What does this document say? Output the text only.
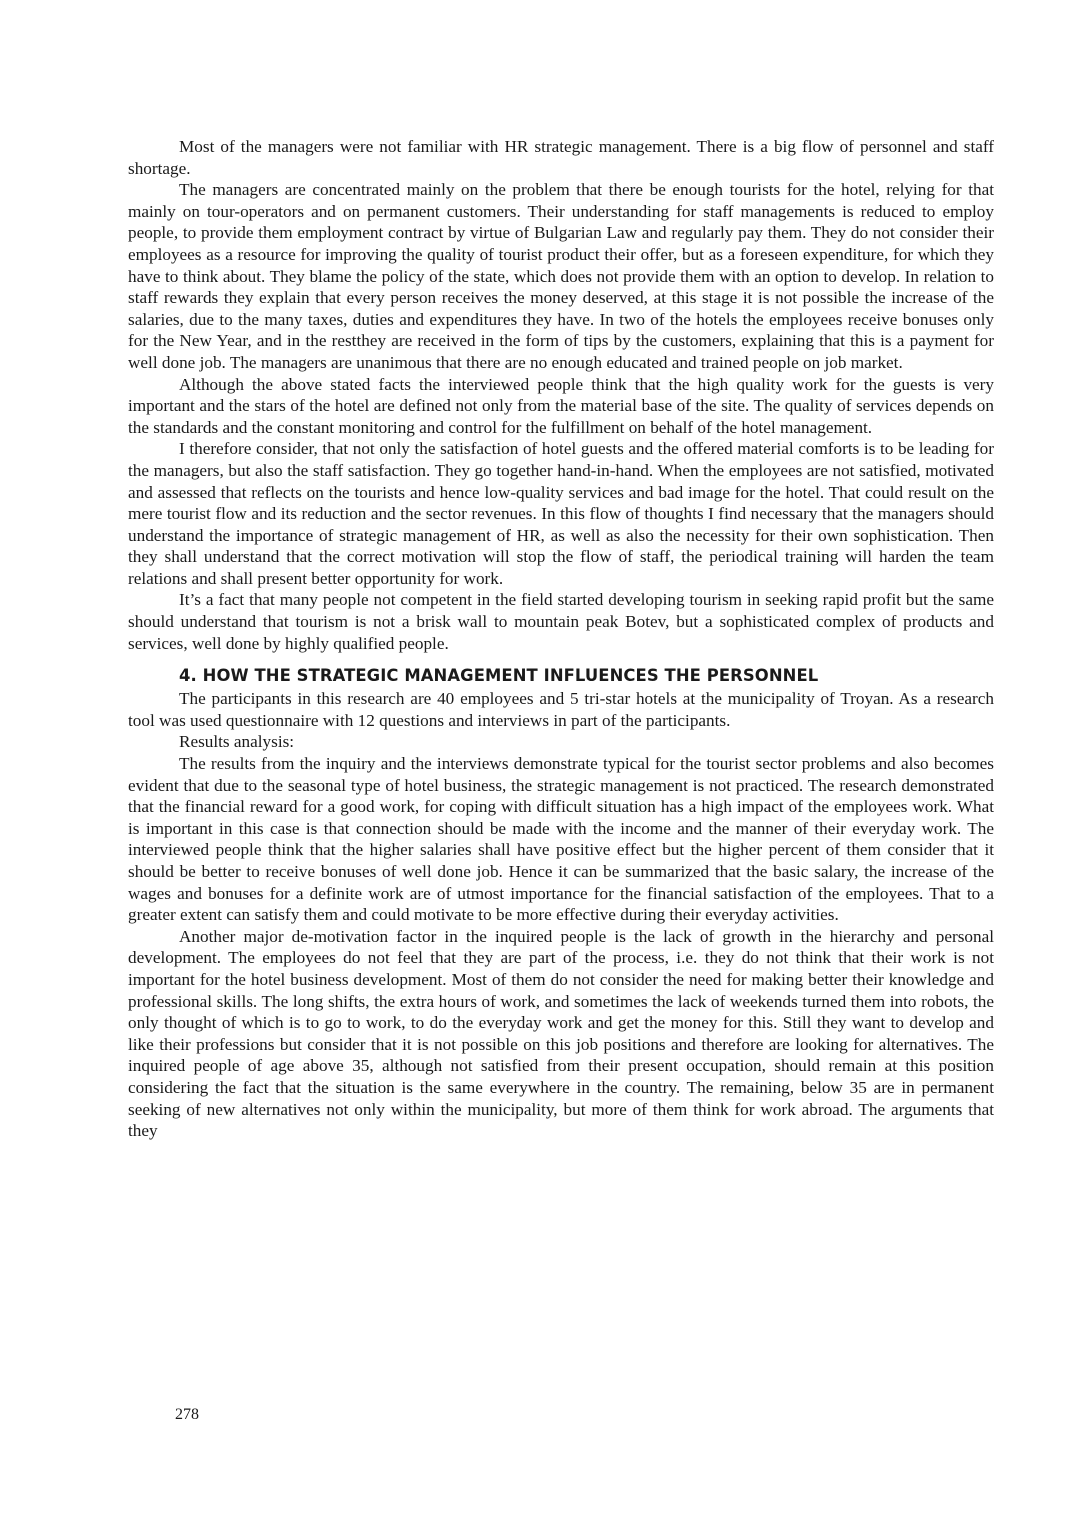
Most of the managers were not familiar with HR strategic management. There is a big flow of personnel and staff shortage.

The managers are concentrated mainly on the problem that there be enough tourists for the hotel, relying for that mainly on tour-operators and on permanent customers. Their understanding for staff managements is reduced to employ people, to provide them employment contract by virtue of Bulgarian Law and regularly pay them. They do not consider their employees as a resource for improving the quality of tourist product their offer, but as a foreseen expenditure, for which they have to think about. They blame the policy of the state, which does not provide them with an option to develop. In relation to staff rewards they explain that every person receives the money deserved, at this stage it is not possible the increase of the salaries, due to the many taxes, duties and expenditures they have. In two of the hotels the employees receive bonuses only for the New Year, and in the restthey are received in the form of tips by the customers, explaining that this is a payment for well done job. The managers are unanimous that there are no enough educated and trained people on job market.

Although the above stated facts the interviewed people think that the high quality work for the guests is very important and the stars of the hotel are defined not only from the material base of the site. The quality of services depends on the standards and the constant monitoring and control for the fulfillment on behalf of the hotel management.

I therefore consider, that not only the satisfaction of hotel guests and the offered material comforts is to be leading for the managers, but also the staff satisfaction. They go together hand-in-hand. When the employees are not satisfied, motivated and assessed that reflects on the tourists and hence low-quality services and bad image for the hotel. That could result on the mere tourist flow and its reduction and the sector revenues. In this flow of thoughts I find necessary that the managers should understand the importance of strategic management of HR, as well as also the necessity for their own sophistication. Then they shall understand that the correct motivation will stop the flow of staff, the periodical training will harden the team relations and shall present better opportunity for work.

It’s a fact that many people not competent in the field started developing tourism in seeking rapid profit but the same should understand that tourism is not a brisk wall to mountain peak Botev, but a sophisticated complex of products and services, well done by highly qualified people.

4. HOW THE STRATEGIC MANAGEMENT INFLUENCES THE PERSONNEL

The participants in this research are 40 employees and 5 tri-star hotels at the municipality of Troyan. As a research tool was used questionnaire with 12 questions and interviews in part of the participants.

Results analysis:

The results from the inquiry and the interviews demonstrate typical for the tourist sector problems and also becomes evident that due to the seasonal type of hotel business, the strategic management is not practiced. The research demonstrated that the financial reward for a good work, for coping with difficult situation has a high impact of the employees work. What is important in this case is that connection should be made with the income and the manner of their everyday work. The interviewed people think that the higher salaries shall have positive effect but the higher percent of them consider that it should be better to receive bonuses of well done job. Hence it can be summarized that the basic salary, the increase of the wages and bonuses for a definite work are of utmost importance for the financial satisfaction of the employees. That to a greater extent can satisfy them and could motivate to be more effective during their everyday activities.

Another major de-motivation factor in the inquired people is the lack of growth in the hierarchy and personal development. The employees do not feel that they are part of the process, i.e. they do not think that their work is not important for the hotel business development. Most of them do not consider the need for making better their knowledge and professional skills. The long shifts, the extra hours of work, and sometimes the lack of weekends turned them into robots, the only thought of which is to go to work, to do the everyday work and get the money for this. Still they want to develop and like their professions but consider that it is not possible on this job positions and therefore are looking for alternatives. The inquired people of age above 35, although not satisfied from their present occupation, should remain at this position considering the fact that the situation is the same everywhere in the country. The remaining, below 35 are in permanent seeking of new alternatives not only within the municipality, but more of them think for work abroad. The arguments that they

278
